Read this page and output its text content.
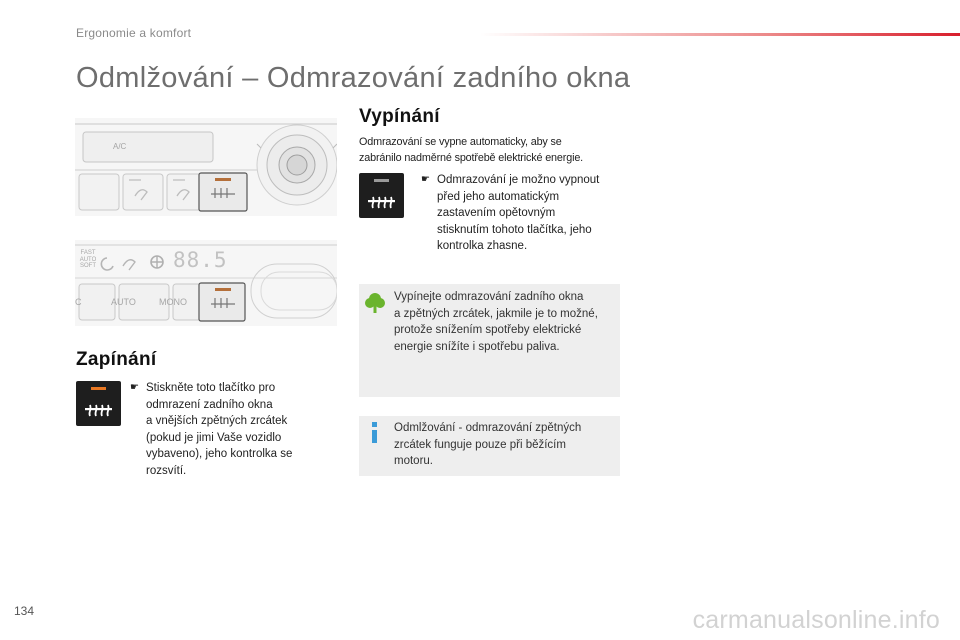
Ergonomie a komfort
Odmlžování – Odmrazování zadního okna
A/C
FAST
AUTO
SOFT	88.5
C	AUTO	MONO
Zapínání
☛ Stiskněte toto tlačítko pro
odmrazení zadního okna
a vnějších zpětných zrcátek
(pokud je jimi Vaše vozidlo
vybaveno), jeho kontrolka se
rozsvítí.
Vypínání
Odmrazování se vypne automaticky, aby se
zabránilo nadměrné spotřebě elektrické energie.
☛ Odmrazování je možno vypnout
před jeho automatickým
zastavením opětovným
stisknutím tohoto tlačítka, jeho
kontrolka zhasne.
Vypínejte odmrazování zadního okna
a zpětných zrcátek, jakmile je to možné,
protože snížením spotřeby elektrické
energie snížíte i spotřebu paliva.
Odmlžování - odmrazování zpětných
zrcátek funguje pouze při běžícím
motoru.
134	carmanualsonline.info
